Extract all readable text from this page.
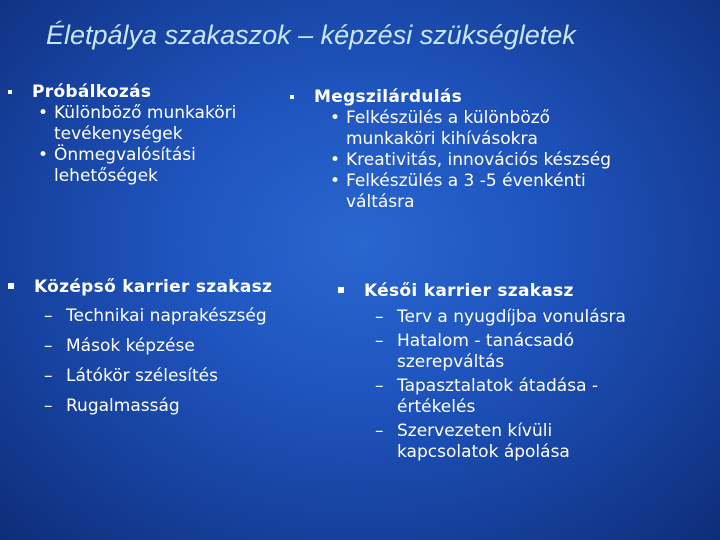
Életpálya szakaszok – képzési szükségletek
Próbálkozás
• Különböző munkaköri tevékenységek
• Önmegvalósítási lehetőségek
Megszilárdulás
• Felkészülés a különböző munkaköri kihívásokra
• Kreativitás, innovációs készség
• Felkészülés a 3 -5 évenkénti váltásra
Középső karrier szakasz
– Technikai naprakészség
– Mások képzése
– Látókör szélesítés
– Rugalmasság
Késői karrier szakasz
– Terv a nyugdíjba vonulásra
– Hatalom - tanácsadó szerepváltás
– Tapasztalatok átadása - értékelés
– Szervezeten kívüli kapcsolatok ápolása
